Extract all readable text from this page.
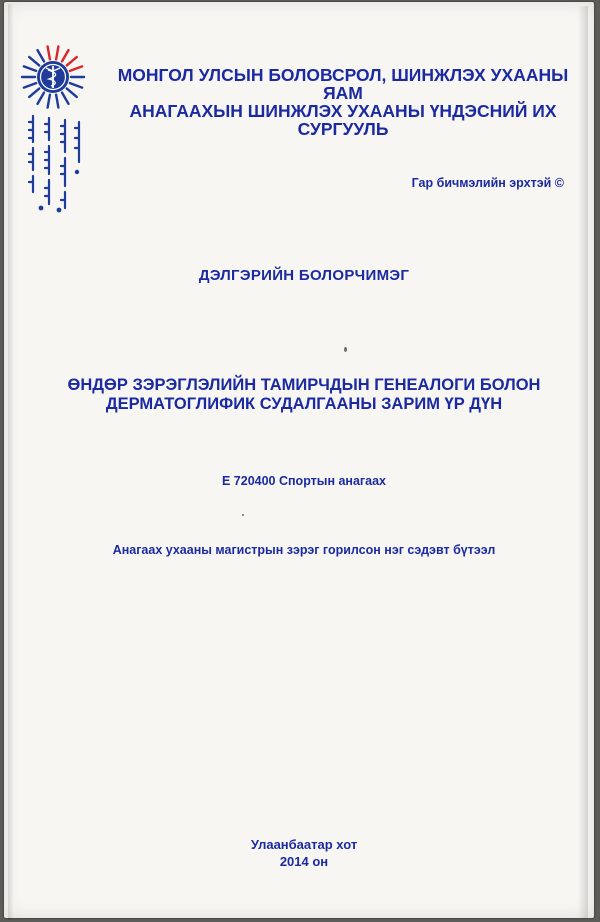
МОНГОЛ УЛСЫН БОЛОВСРОЛ, ШИНЖЛЭХ УХААНЫ ЯАМ
АНАГААХЫН ШИНЖЛЭХ УХААНЫ ҮНДЭСНИЙ ИХ СУРГУУЛЬ
Гар бичмэлийн эрхтэй ©
ДЭЛГЭРИЙН БОЛОРЧИМЭГ
ӨНДӨР ЗЭРЭГЛЭЛИЙН ТАМИРЧДЫН ГЕНЕАЛОГИ БОЛОН
ДЕРМАТОГЛИФИК СУДАЛГААНЫ ЗАРИМ ҮР ДҮН
Е 720400 Спортын анагаах
Анагаах ухааны магистрын зэрэг горилсон нэг сэдэвт бүтээл
Улаанбаатар хот
2014 он
